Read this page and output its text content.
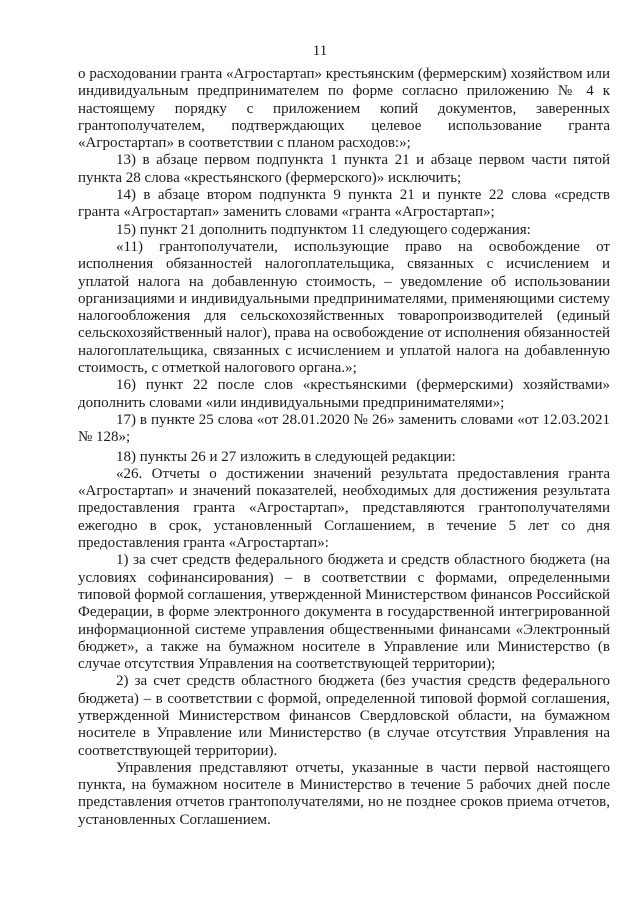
11

о расходовании гранта «Агростартап» крестьянским (фермерским) хозяйством или индивидуальным предпринимателем по форме согласно приложению № 4 к настоящему порядку с приложением копий документов, заверенных грантополучателем, подтверждающих целевое использование гранта «Агростартап» в соответствии с планом расходов:»;

13) в абзаце первом подпункта 1 пункта 21 и абзаце первом части пятой пункта 28 слова «крестьянского (фермерского)» исключить;

14) в абзаце втором подпункта 9 пункта 21 и пункте 22 слова «средств гранта «Агростартап» заменить словами «гранта «Агростартап»;

15) пункт 21 дополнить подпунктом 11 следующего содержания:

«11) грантополучатели, использующие право на освобождение от исполнения обязанностей налогоплательщика, связанных с исчислением и уплатой налога на добавленную стоимость, – уведомление об использовании организациями и индивидуальными предпринимателями, применяющими систему налогообложения для сельскохозяйственных товаропроизводителей (единый сельскохозяйственный налог), права на освобождение от исполнения обязанностей налогоплательщика, связанных с исчислением и уплатой налога на добавленную стоимость, с отметкой налогового органа.»;

16) пункт 22 после слов «крестьянскими (фермерскими) хозяйствами» дополнить словами «или индивидуальными предпринимателями»;

17) в пункте 25 слова «от 28.01.2020 № 26» заменить словами «от 12.03.2021 № 128»;

18) пункты 26 и 27 изложить в следующей редакции:

«26. Отчеты о достижении значений результата предоставления гранта «Агростартап» и значений показателей, необходимых для достижения результата предоставления гранта «Агростартап», представляются грантополучателями ежегодно в срок, установленный Соглашением, в течение 5 лет со дня предоставления гранта «Агростартап»:

1) за счет средств федерального бюджета и средств областного бюджета (на условиях софинансирования) – в соответствии с формами, определенными типовой формой соглашения, утвержденной Министерством финансов Российской Федерации, в форме электронного документа в государственной интегрированной информационной системе управления общественными финансами «Электронный бюджет», а также на бумажном носителе в Управление или Министерство (в случае отсутствия Управления на соответствующей территории);

2) за счет средств областного бюджета (без участия средств федерального бюджета) – в соответствии с формой, определенной типовой формой соглашения, утвержденной Министерством финансов Свердловской области, на бумажном носителе в Управление или Министерство (в случае отсутствия Управления на соответствующей территории).

Управления представляют отчеты, указанные в части первой настоящего пункта, на бумажном носителе в Министерство в течение 5 рабочих дней после представления отчетов грантополучателями, но не позднее сроков приема отчетов, установленных Соглашением.
